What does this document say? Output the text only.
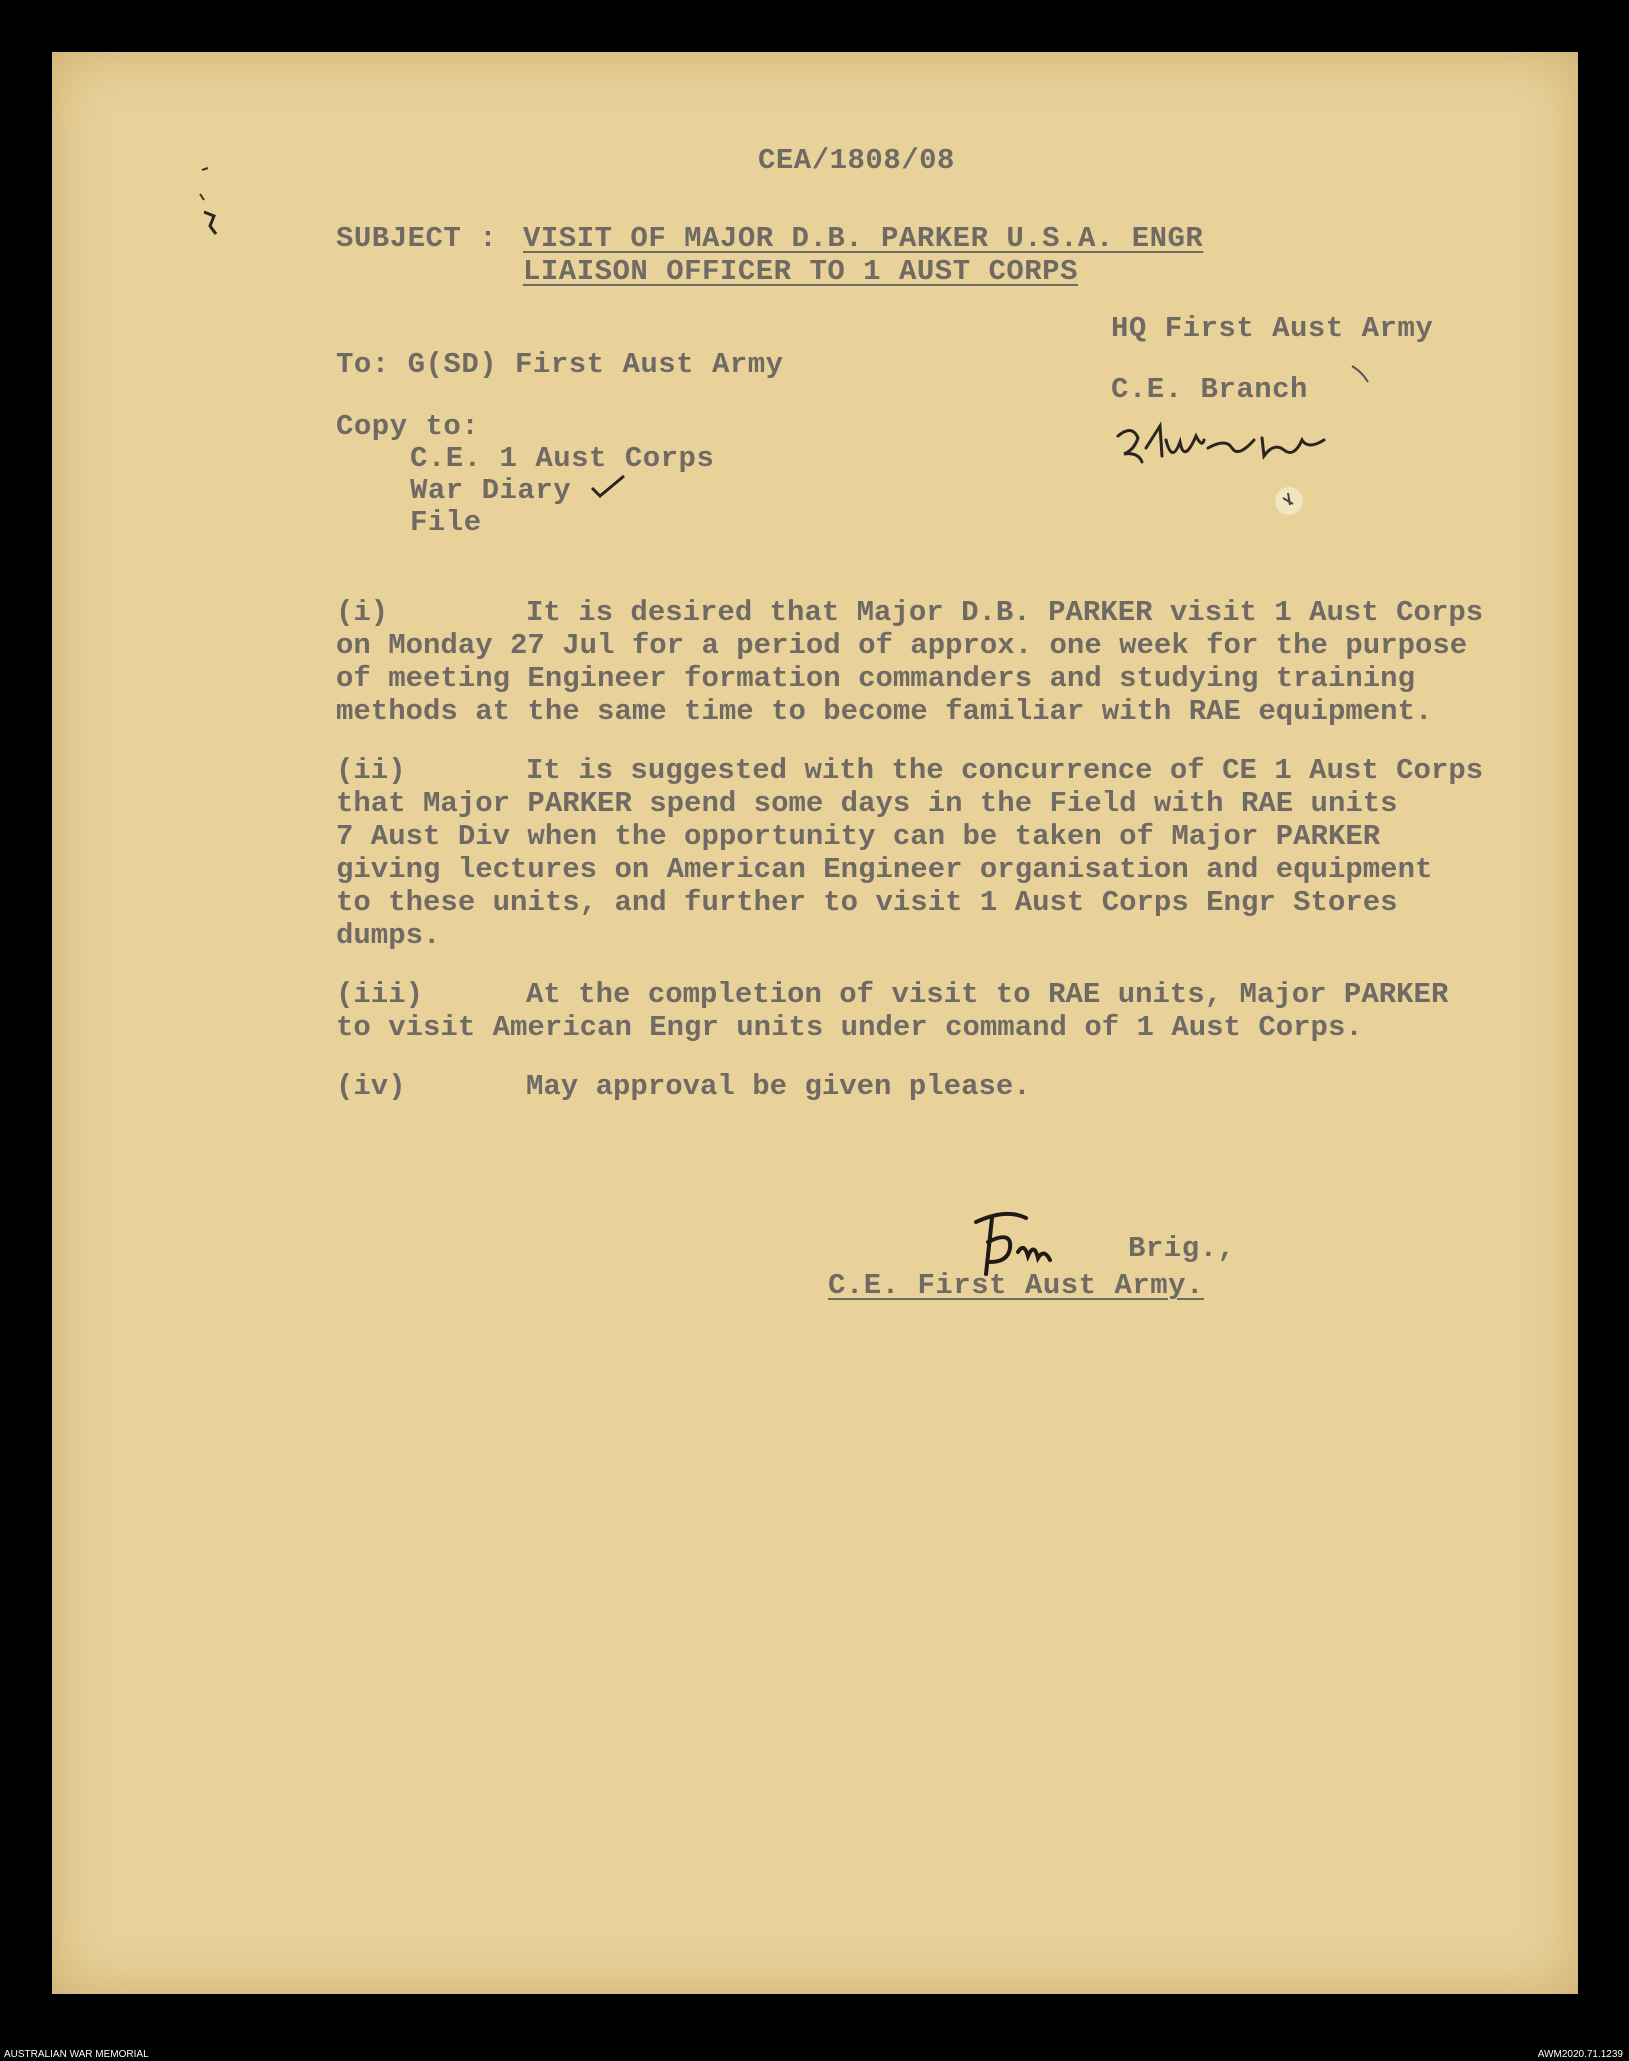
CEA/1808/08
SUBJECT : VISIT OF MAJOR D.B. PARKER U.S.A. ENGR
LIAISON OFFICER TO 1 AUST CORPS
HQ First Aust Army
C.E. Branch
To: G(SD) First Aust Army
Copy to:
C.E. 1 Aust Corps
War Diary
File
(i)	It is desired that Major D.B. PARKER visit 1 Aust Corps
on Monday 27 Jul for a period of approx. one week for the purpose
of meeting Engineer formation commanders and studying training
methods at the same time to become familiar with RAE equipment.
(ii)	It is suggested with the concurrence of CE 1 Aust Corps
that Major PARKER spend some days in the Field with RAE units
7 Aust Div when the opportunity can be taken of Major PARKER
giving lectures on American Engineer organisation and equipment
to these units, and further to visit 1 Aust Corps Engr Stores
dumps.
(iii)	At the completion of visit to RAE units, Major PARKER
to visit American Engr units under command of 1 Aust Corps.
(iv)	May approval be given please.
Brig.,
C.E. First Aust Army.
AUSTRALIAN WAR MEMORIAL	AWM2020.71.1239
